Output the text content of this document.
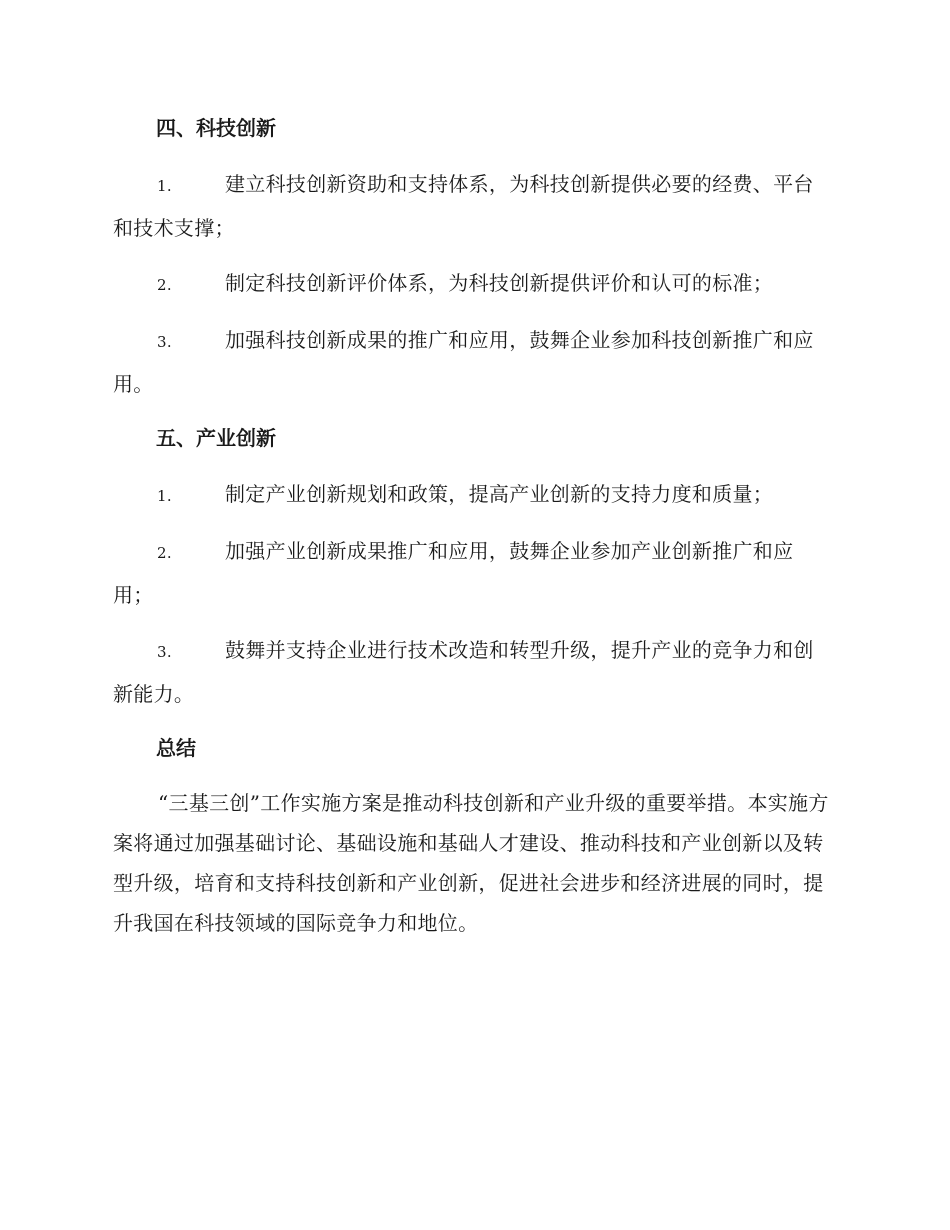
四、科技创新
1.	建立科技创新资助和支持体系，为科技创新提供必要的经费、平台和技术支撑；
2.	制定科技创新评价体系，为科技创新提供评价和认可的标准；
3.	加强科技创新成果的推广和应用，鼓舞企业参加科技创新推广和应用。
五、产业创新
1.	制定产业创新规划和政策，提高产业创新的支持力度和质量；
2.	加强产业创新成果推广和应用，鼓舞企业参加产业创新推广和应用；
3.	鼓舞并支持企业进行技术改造和转型升级，提升产业的竞争力和创新能力。
总结

“三基三创”工作实施方案是推动科技创新和产业升级的重要举措。本实施方案将通过加强基础讨论、基础设施和基础人才建设、推动科技和产业创新以及转型升级，培育和支持科技创新和产业创新，促进社会进步和经济进展的同时，提升我国在科技领域的国际竞争力和地位。
